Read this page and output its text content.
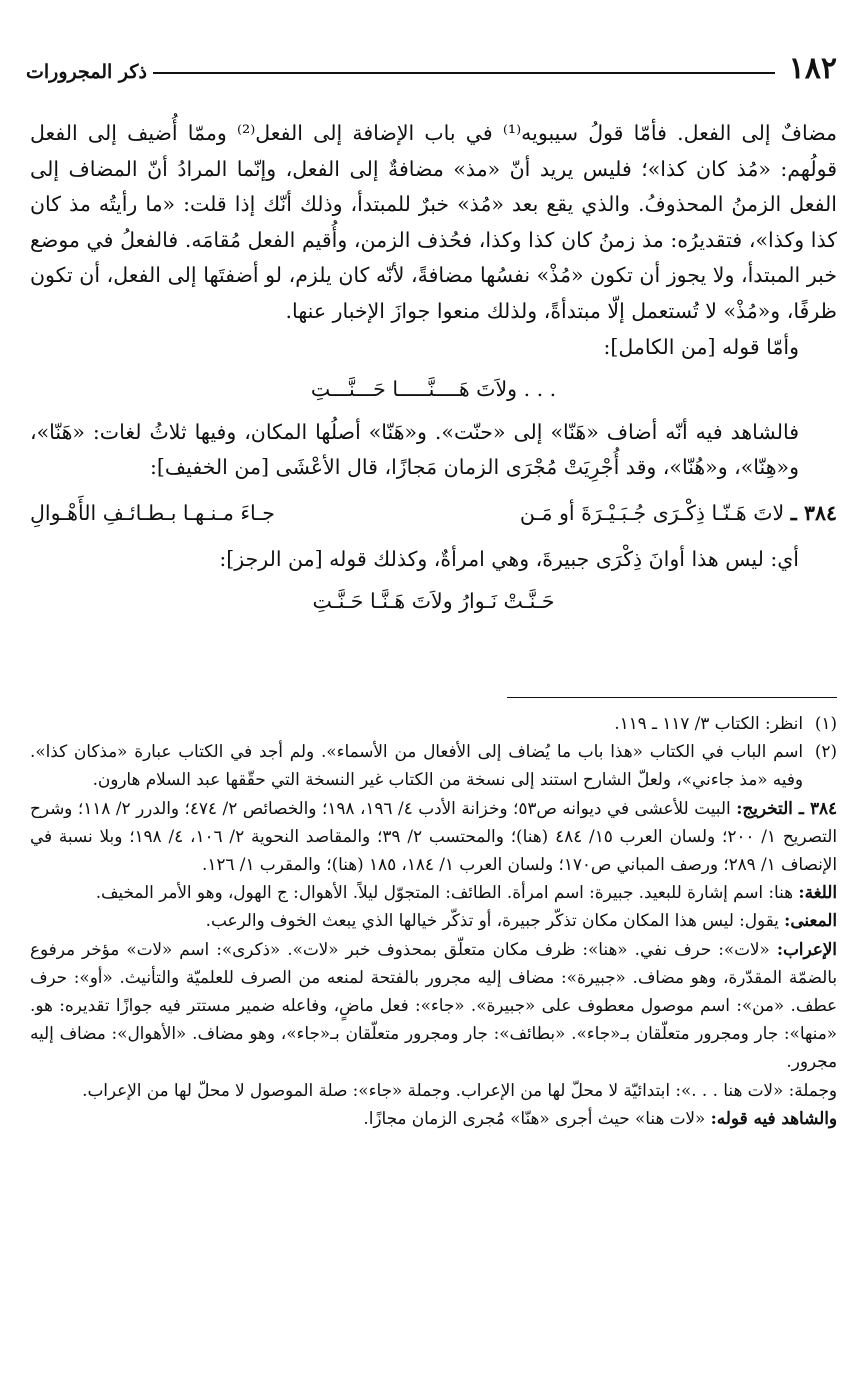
١٨٢
ذكر المجرورات

مضافٌ إلى الفعل. فأمّا قولُ سيبويه⁽¹⁾ في باب الإضافة إلى الفعل⁽²⁾ وممّا أُضيف إلى الفعل قولُهم: «مُذ كان كذا»؛ فليس يريد أنّ «مذ» مضافةٌ إلى الفعل، وإنّما المرادُ أنّ المضاف إلى الفعل الزمنُ المحذوفُ. والذي يقع بعد «مُذ» خبرٌ للمبتدأ، وذلك أنّك إذا قلت: «ما رأيتُه مذ كان كذا وكذا»، فتقديرُه: مذ زمنُ كان كذا وكذا، فحُذف الزمن، وأُقيم الفعل مُقامَه. فالفعلُ في موضع خبر المبتدأ، ولا يجوز أن تكون «مُذْ» نفسُها مضافةً، لأنّه كان يلزم، لو أضفتَها إلى الفعل، أن تكون ظرفًا، و«مُذْ» لا تُستعمل إلّا مبتدأةً، ولذلك منعوا جوازَ الإخبار عنها.

وأمّا قوله [من الكامل]:

. . . ولاَتَ هَــــنَّـــــا حَـــنَّـــتِ

فالشاهد فيه أنّه أضاف «هَنّا» إلى «حنّت». و«هَنّا» أصلُها المكان، وفيها ثلاثُ لغات: «هَنّا»، و«هِنّا»، و«هُنّا»، وقد أُجْرِيَتْ مُجْرَى الزمان مَجازًا، قال الأعْشَى [من الخفيف]:

٣٨٤ ـ لاتَ هَـنّـا ذِكْـرَى جُـبَـيْـرَةَ أو مَـن
جـاءَ مـنـهـا بـطـائـفِ الأَهْـوالِ

أي: ليس هذا أوانَ ذِكْرَى جبيرةَ، وهي امرأةٌ، وكذلك قوله [من الرجز]:

حَـنَّـتْ نَـوارُ ولاَتَ هَـنَّـا حَـنَّـتِ

(١)
انظر: الكتاب ٣/ ١١٧ ـ ١١٩.

(٢)
اسم الباب في الكتاب «هذا باب ما يُضاف إلى الأفعال من الأسماء». ولم أجد في الكتاب عبارة «مذكان كذا». وفيه «مذ جاءني»، ولعلّ الشارح استند إلى نسخة من الكتاب غير النسخة التي حقّقها عبد السلام هارون.

٣٨٤ ـ التخريج: البيت للأعشى في ديوانه ص٥٣؛ وخزانة الأدب ٤/ ١٩٦، ١٩٨؛ والخصائص ٢/ ٤٧٤؛ والدرر ٢/ ١١٨؛ وشرح التصريح ١/ ٢٠٠؛ ولسان العرب ١٥/ ٤٨٤ (هنا)؛ والمحتسب ٢/ ٣٩؛ والمقاصد النحوية ٢/ ١٠٦، ٤/ ١٩٨؛ وبلا نسبة في الإنصاف ١/ ٢٨٩؛ ورصف المباني ص١٧٠؛ ولسان العرب ١/ ١٨٤، ١٨٥ (هنا)؛ والمقرب ١/ ١٢٦.

اللغة: هنا: اسم إشارة للبعيد. جبيرة: اسم امرأة. الطائف: المتجوّل ليلاً. الأهوال: ج الهول، وهو الأمر المخيف.

المعنى: يقول: ليس هذا المكان مكان تذكّر جبيرة، أو تذكّر خيالها الذي يبعث الخوف والرعب.

الإعراب: «لات»: حرف نفي. «هنا»: ظرف مكان متعلّق بمحذوف خبر «لات». «ذكرى»: اسم «لات» مؤخر مرفوع بالضمّة المقدّرة، وهو مضاف. «جبيرة»: مضاف إليه مجرور بالفتحة لمنعه من الصرف للعلميّة والتأنيث. «أو»: حرف عطف. «من»: اسم موصول معطوف على «جبيرة». «جاء»: فعل ماضٍ، وفاعله ضمير مستتر فيه جوازًا تقديره: هو. «منها»: جار ومجرور متعلّقان بـ«جاء». «بطائف»: جار ومجرور متعلّقان بـ«جاء»، وهو مضاف. «الأهوال»: مضاف إليه مجرور.

وجملة: «لات هنا . . .»: ابتدائيّة لا محلّ لها من الإعراب. وجملة «جاء»: صلة الموصول لا محلّ لها من الإعراب.

والشاهد فيه قوله: «لات هنا» حيث أجرى «هنّا» مُجرى الزمان مجازًا.
